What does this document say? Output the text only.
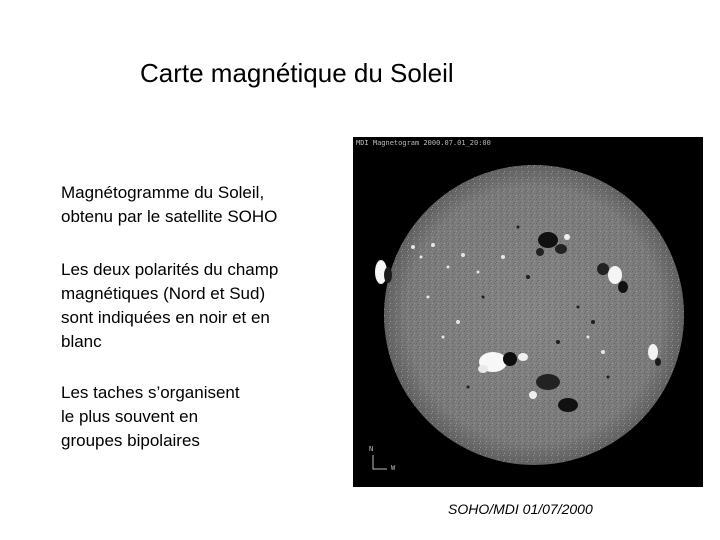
Carte magnétique du Soleil
Magnétogramme du Soleil,
obtenu par le satellite SOHO
Les deux polarités du champ
magnétiques (Nord et Sud)
sont indiquées en noir et en
blanc
Les taches s’organisent
le plus souvent en
groupes bipolaires	N
W
MDI Magnetogram 2000.07.01_20:00
SOHO/MDI 01/07/2000
